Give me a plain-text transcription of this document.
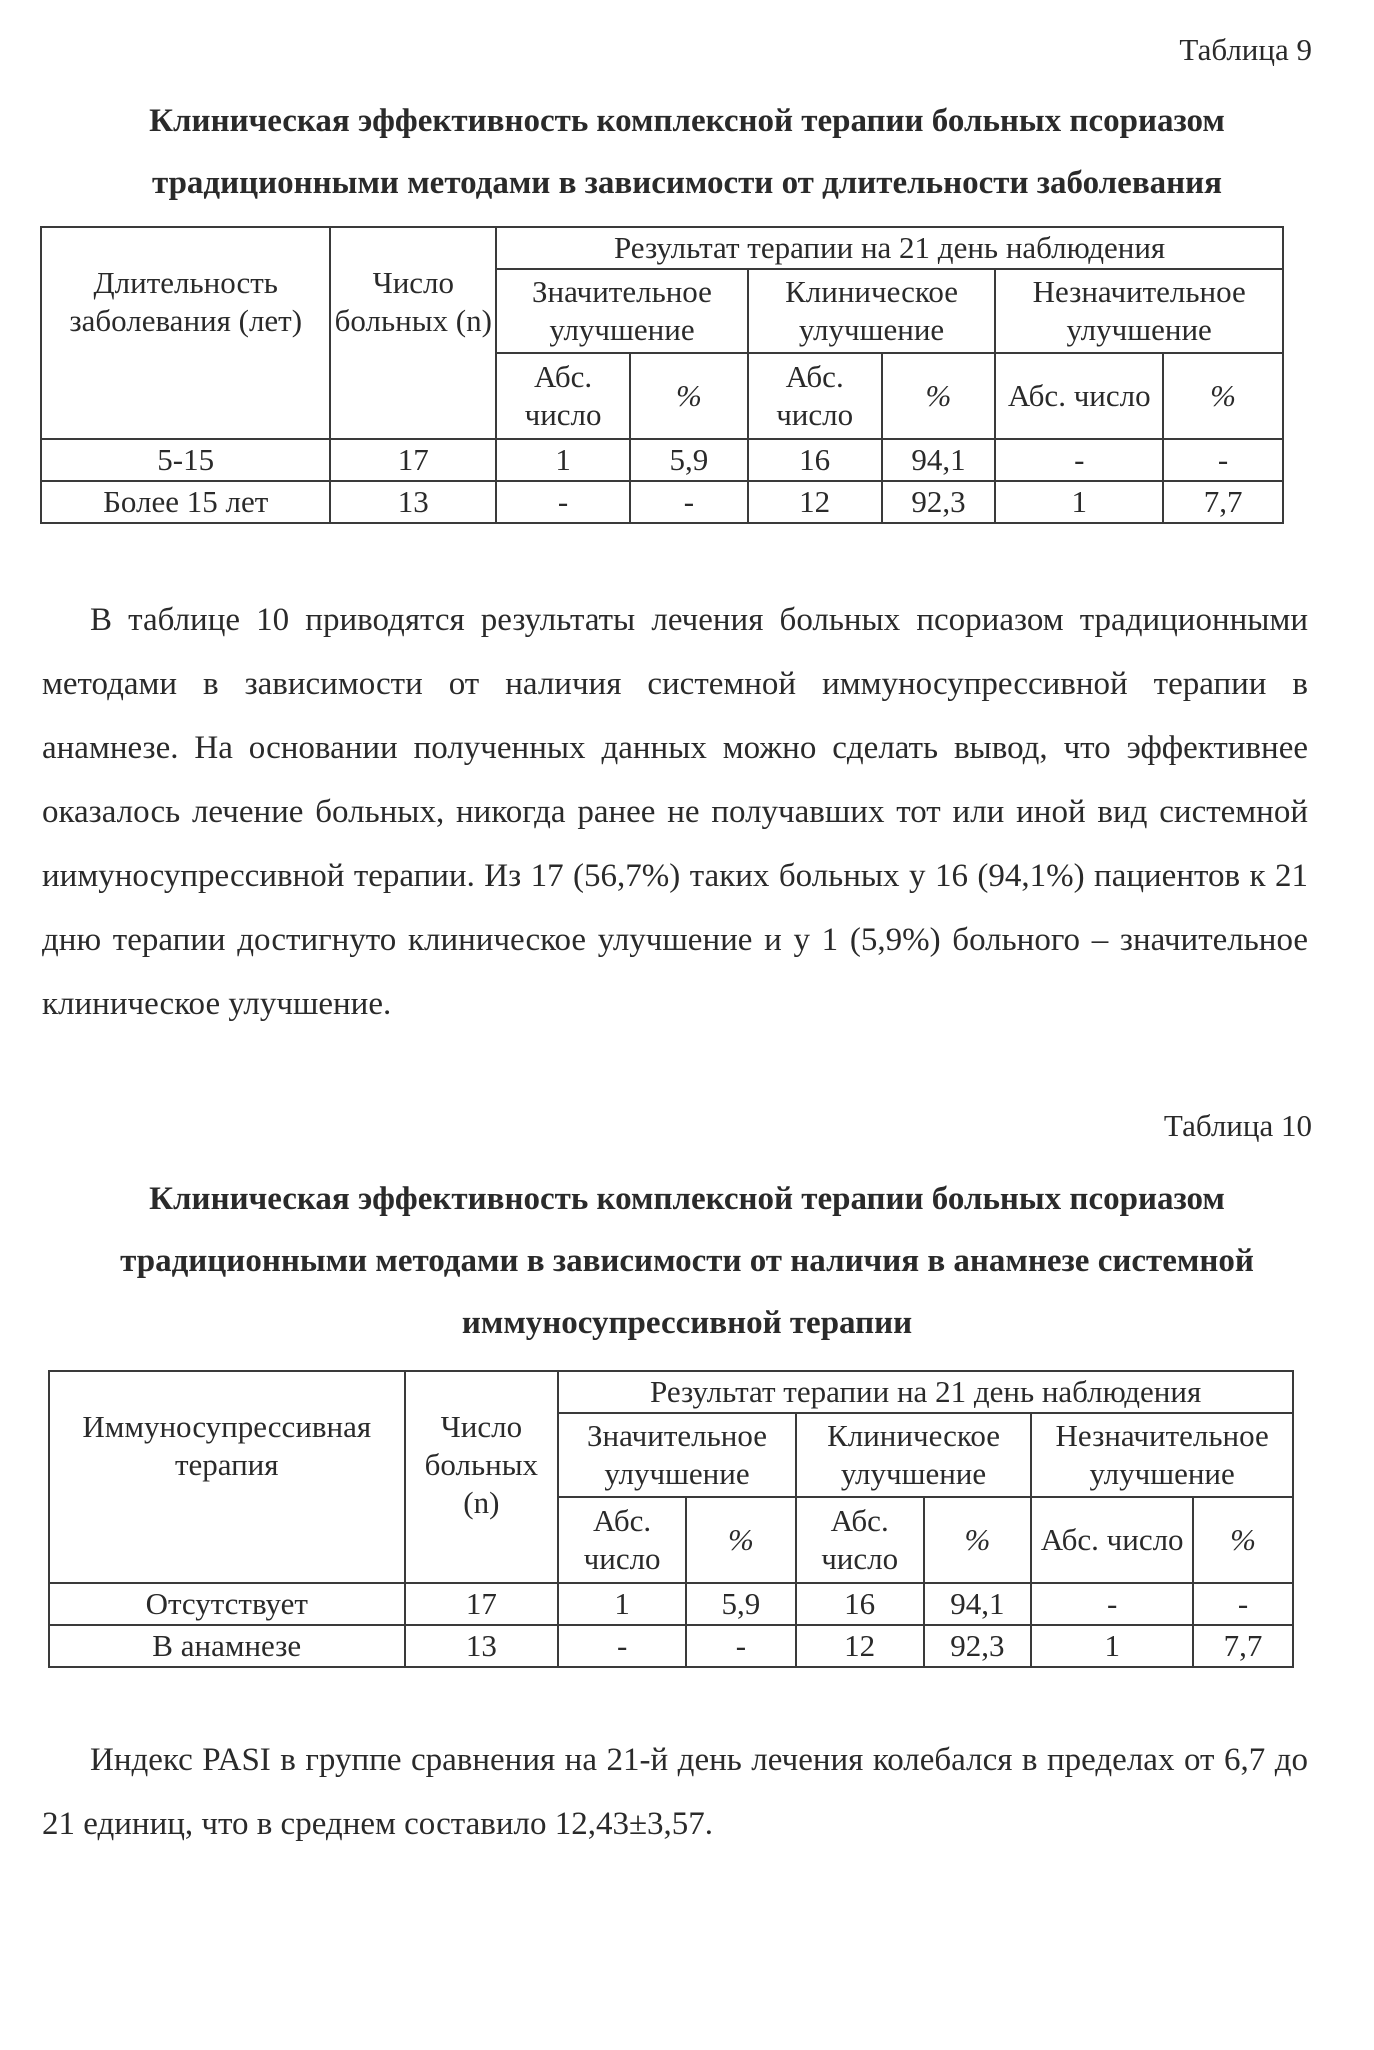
Таблица 9
Клиническая эффективность комплексной терапии больных псориазом
традиционными методами в зависимости от длительности заболевания
Длительность заболевания (лет)	Число больных (n)	Результат терапии на 21 день наблюдения					
		Значительное улучшение		Клиническое улучшение		Незначительное улучшение	
		Абс. число	%	Абс. число	%	Абс. число	%
5-15	17	1	5,9	16	94,1	-	-
Более 15 лет	13	-	-	12	92,3	1	7,7

В таблице 10 приводятся результаты лечения больных псориазом традиционными методами в зависимости от наличия системной иммуносупрессивной терапии в анамнезе. На основании полученных данных можно сделать вывод, что эффективнее оказалось лечение больных, никогда ранее не получавших тот или иной вид системной иимуносупрессивной терапии. Из 17 (56,7%) таких больных у 16 (94,1%) пациентов к 21 дню терапии достигнуто клиническое улучшение и у 1 (5,9%) больного – значительное клиническое улучшение.

Таблица 10
Клиническая эффективность комплексной терапии больных псориазом
традиционными методами в зависимости от наличия в анамнезе системной
иммуносупрессивной терапии
Иммуносупрессивная терапия	Число больных (n)	Результат терапии на 21 день наблюдения					
		Значительное улучшение		Клиническое улучшение		Незначительное улучшение	
		Абс. число	%	Абс. число	%	Абс. число	%
Отсутствует	17	1	5,9	16	94,1	-	-
В анамнезе	13	-	-	12	92,3	1	7,7

Индекс PASI в группе сравнения на 21-й день лечения колебался в пределах от 6,7 до 21 единиц, что в среднем составило 12,43±3,57.
